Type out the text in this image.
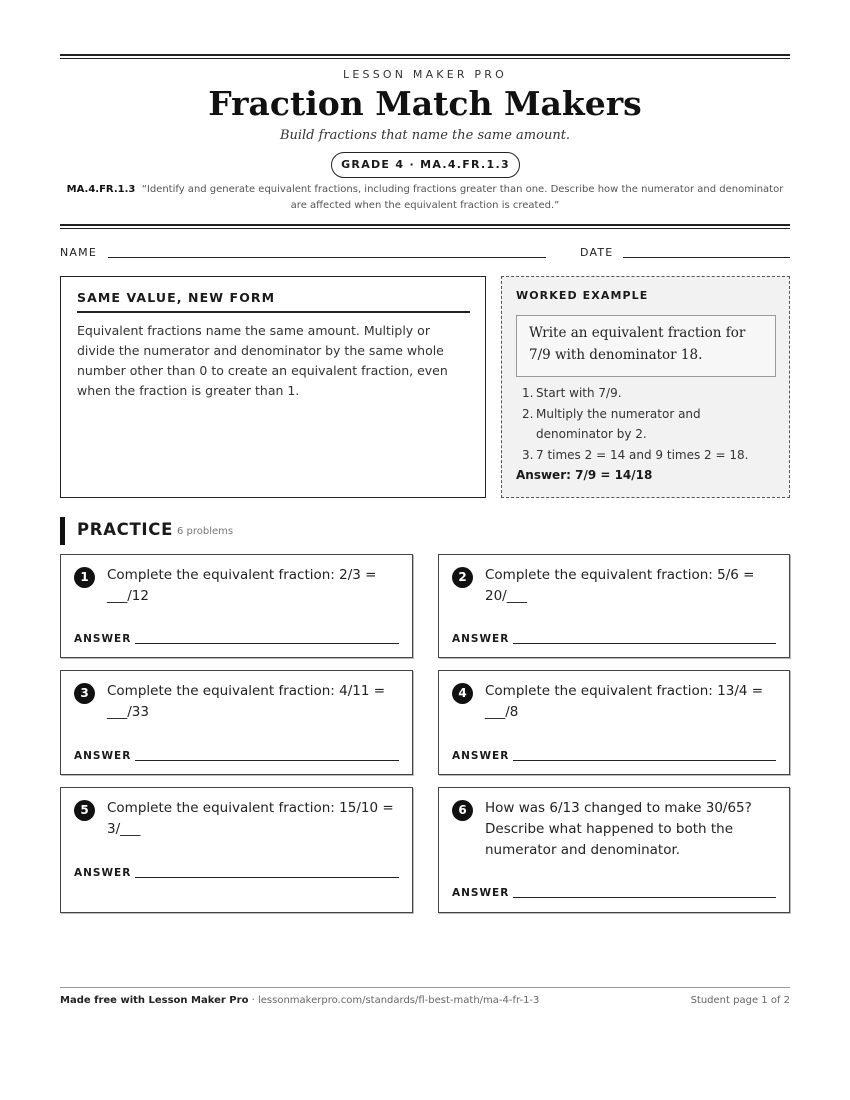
LESSON MAKER PRO
Fraction Match Makers
Build fractions that name the same amount.
GRADE 4 · MA.4.FR.1.3
MA.4.FR.1.3 “Identify and generate equivalent fractions, including fractions greater than one. Describe how the numerator and denominator are affected when the equivalent fraction is created.”
NAME	DATE
SAME VALUE, NEW FORM
Equivalent fractions name the same amount. Multiply or divide the numerator and denominator by the same whole number other than 0 to create an equivalent fraction, even when the fraction is greater than 1.
WORKED EXAMPLE
Write an equivalent fraction for 7/9 with denominator 18.
1. Start with 7/9.
2. Multiply the numerator and denominator by 2.
3. 7 times 2 = 14 and 9 times 2 = 18.
Answer: 7/9 = 14/18
PRACTICE 6 problems
1	Complete the equivalent fraction: 2/3 = ___/12
ANSWER
2	Complete the equivalent fraction: 5/6 = 20/___
ANSWER
3	Complete the equivalent fraction: 4/11 = ___/33
ANSWER
4	Complete the equivalent fraction: 13/4 = ___/8
ANSWER
5	Complete the equivalent fraction: 15/10 = 3/___
ANSWER
6	How was 6/13 changed to make 30/65? Describe what happened to both the numerator and denominator.
ANSWER
Made free with Lesson Maker Pro · lessonmakerpro.com/standards/fl-best-math/ma-4-fr-1-3	Student page 1 of 2
